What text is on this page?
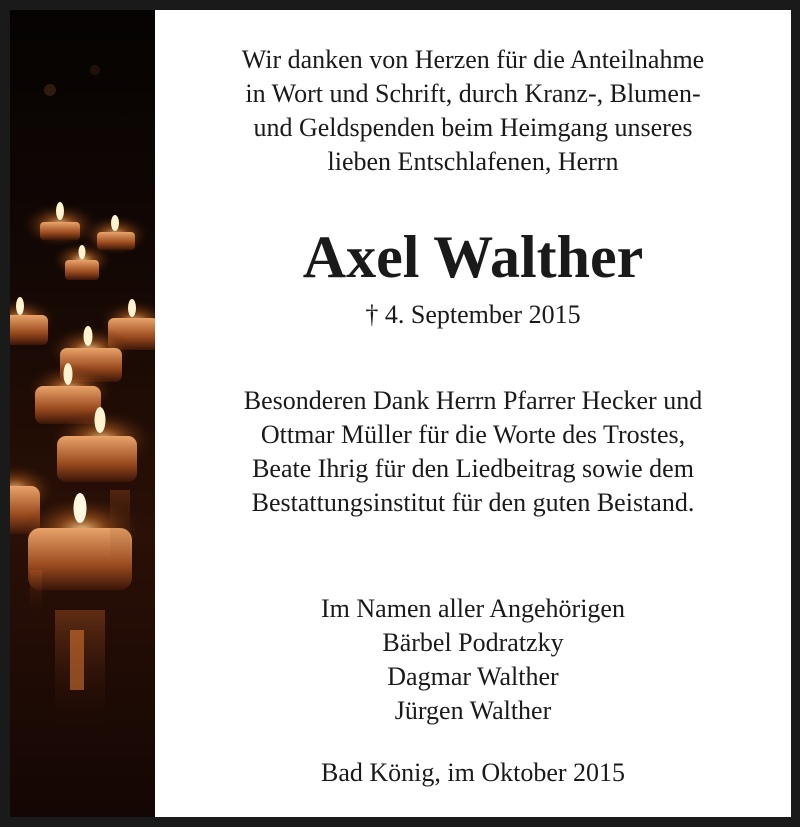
Wir danken von Herzen für die Anteilnahme
in Wort und Schrift, durch Kranz-, Blumen-
und Geldspenden beim Heimgang unseres
lieben Entschlafenen, Herrn
Axel Walther
† 4. September 2015
Besonderen Dank Herrn Pfarrer Hecker und
Ottmar Müller für die Worte des Trostes,
Beate Ihrig für den Liedbeitrag sowie dem
Bestattungsinstitut für den guten Beistand.
Im Namen aller Angehörigen
Bärbel Podratzky
Dagmar Walther
Jürgen Walther
Bad König, im Oktober 2015
